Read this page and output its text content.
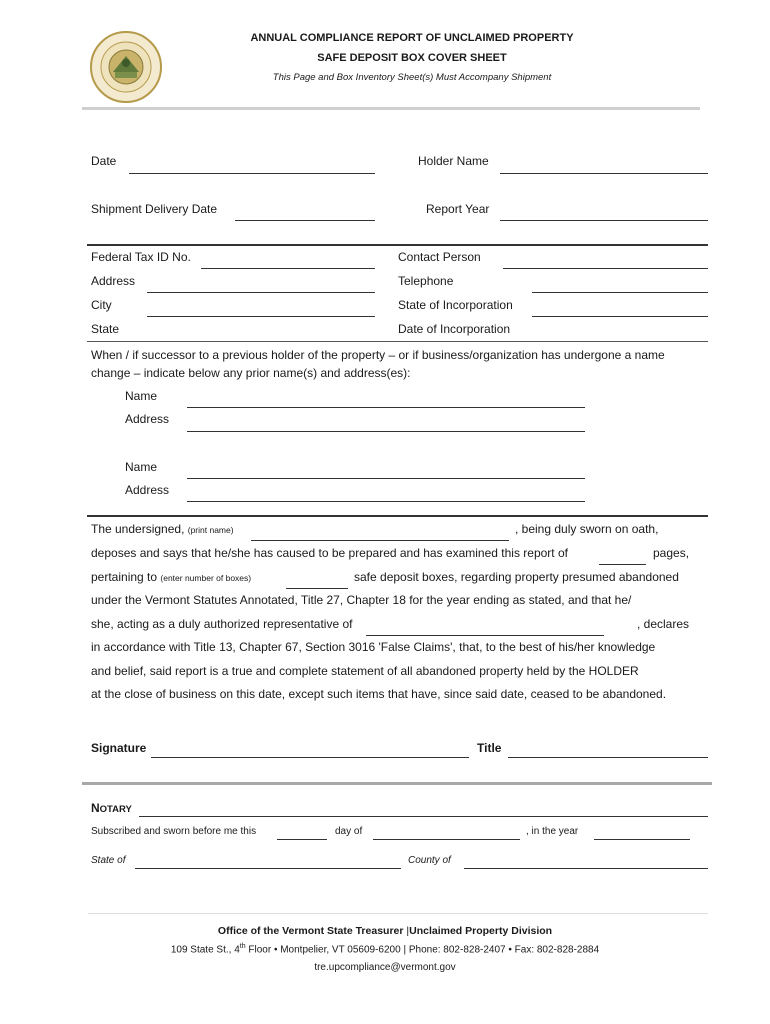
ANNUAL COMPLIANCE REPORT OF UNCLAIMED PROPERTY
SAFE DEPOSIT BOX COVER SHEET
This Page and Box Inventory Sheet(s) Must Accompany Shipment
Date	Holder Name
Shipment Delivery Date	Report Year
Federal Tax ID No.	Contact Person
Address	Telephone
City	State of Incorporation
State	Date of Incorporation
When / if successor to a previous holder of the property – or if business/organization has undergone a name
change – indicate below any prior name(s) and address(es):
Name
Address
Name
Address
The undersigned, (print name)	, being duly sworn on oath,
deposes and says that he/she has caused to be prepared and has examined this report of	pages,
pertaining to (enter number of boxes)	safe deposit boxes, regarding property presumed abandoned
under the Vermont Statutes Annotated, Title 27, Chapter 18 for the year ending as stated, and that he/
she, acting as a duly authorized representative of	, declares
in accordance with Title 13, Chapter 67, Section 3016 'False Claims', that, to the best of his/her knowledge
and belief, said report is a true and complete statement of all abandoned property held by the HOLDER
at the close of business on this date, except such items that have, since said date, ceased to be abandoned.
Signature	Title
NOTARY
Subscribed and sworn before me this	day of	, in the year
State of	County of
Office of the Vermont State Treasurer |Unclaimed Property Division
109 State St., 4th Floor • Montpelier, VT 05609-6200 | Phone: 802-828-2407 • Fax: 802-828-2884
tre.upcompliance@vermont.gov
